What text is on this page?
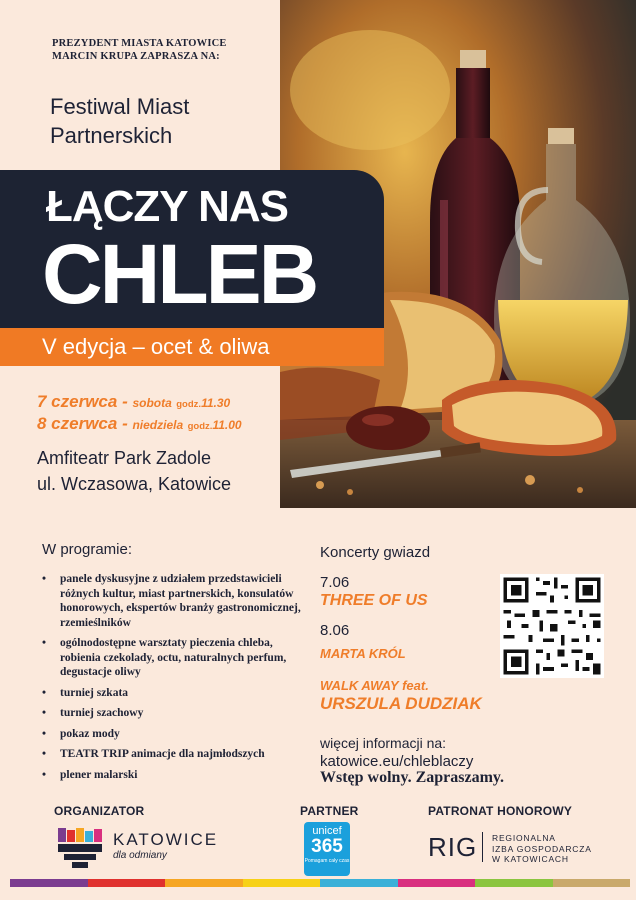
PREZYDENT MIASTA KATOWICE
MARCIN KRUPA ZAPRASZA NA:
Festiwal Miast
Partnerskich
ŁĄCZY NAS
CHLEB
V edycja – ocet & oliwa
7 czerwca - sobota godz.11.30
8 czerwca - niedziela godz.11.00
Amfiteatr Park Zadole
ul. Wczasowa, Katowice
W programie:
• panele dyskusyjne z udziałem przedstawicieli różnych kultur, miast partnerskich, konsulatów honorowych, ekspertów branży gastronomicznej, rzemieślników
• ogólnodostępne warsztaty pieczenia chleba, robienia czekolady, octu, naturalnych perfum, degustacje oliwy
• turniej szkata
• turniej szachowy
• pokaz mody
• TEATR TRIP animacje dla najmłodszych
• plener malarski
Koncerty gwiazd
7.06
THREE OF US
8.06
MARTA KRÓL
WALK AWAY feat.
URSZULA DUDZIAK
więcej informacji na:
katowice.eu/chleblaczy
Wstęp wolny. Zapraszamy.
ORGANIZATOR	PARTNER	PATRONAT HONOROWY
KATOWICE
dla odmiany
unicef
365
Pomagam cały czas	RIG REGIONALNA
IZBA GOSPODARCZA
W KATOWICACH
